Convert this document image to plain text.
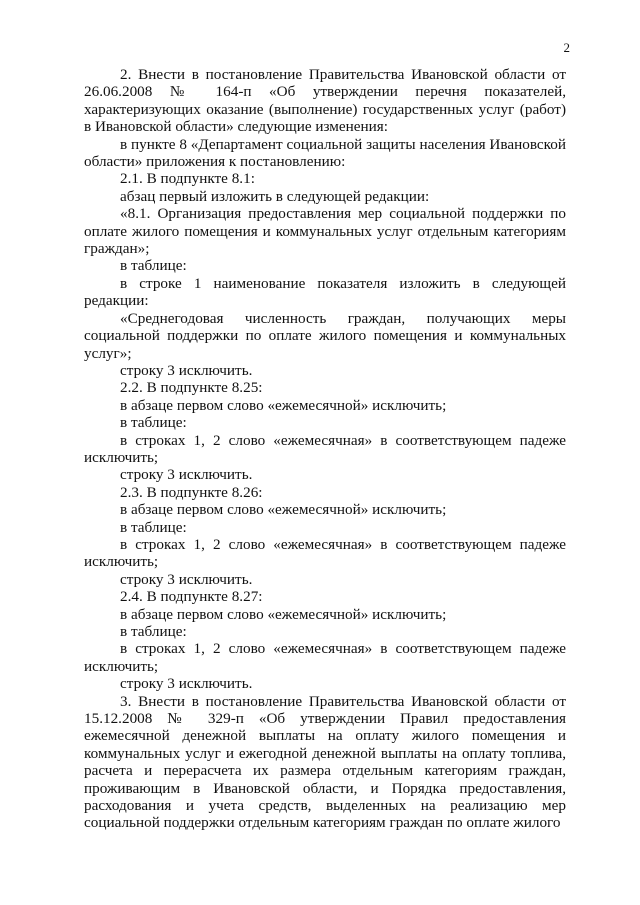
2

2. Внести в постановление Правительства Ивановской области от 26.06.2008 № 164-п «Об утверждении перечня показателей, характеризующих оказание (выполнение) государственных услуг (работ) в Ивановской области» следующие изменения:

в пункте 8 «Департамент социальной защиты населения Ивановской области» приложения к постановлению:

2.1. В подпункте 8.1:

абзац первый изложить в следующей редакции:

«8.1. Организация предоставления мер социальной поддержки по оплате жилого помещения и коммунальных услуг отдельным категориям граждан»;

в таблице:

в строке 1 наименование показателя изложить в следующей редакции:

«Среднегодовая численность граждан, получающих меры социальной поддержки по оплате жилого помещения и коммунальных услуг»;

строку 3 исключить.

2.2. В подпункте 8.25:

в абзаце первом слово «ежемесячной» исключить;

в таблице:

в строках 1, 2 слово «ежемесячная» в соответствующем падеже исключить;

строку 3 исключить.

2.3. В подпункте 8.26:

в абзаце первом слово «ежемесячной» исключить;

в таблице:

в строках 1, 2 слово «ежемесячная» в соответствующем падеже исключить;

строку 3 исключить.

2.4. В подпункте 8.27:

в абзаце первом слово «ежемесячной» исключить;

в таблице:

в строках 1, 2 слово «ежемесячная» в соответствующем падеже исключить;

строку 3 исключить.

3. Внести в постановление Правительства Ивановской области от 15.12.2008 № 329-п «Об утверждении Правил предоставления ежемесячной денежной выплаты на оплату жилого помещения и коммунальных услуг и ежегодной денежной выплаты на оплату топлива, расчета и перерасчета их размера отдельным категориям граждан, проживающим в Ивановской области, и Порядка предоставления, расходования и учета средств, выделенных на реализацию мер социальной поддержки отдельным категориям граждан по оплате жилого
